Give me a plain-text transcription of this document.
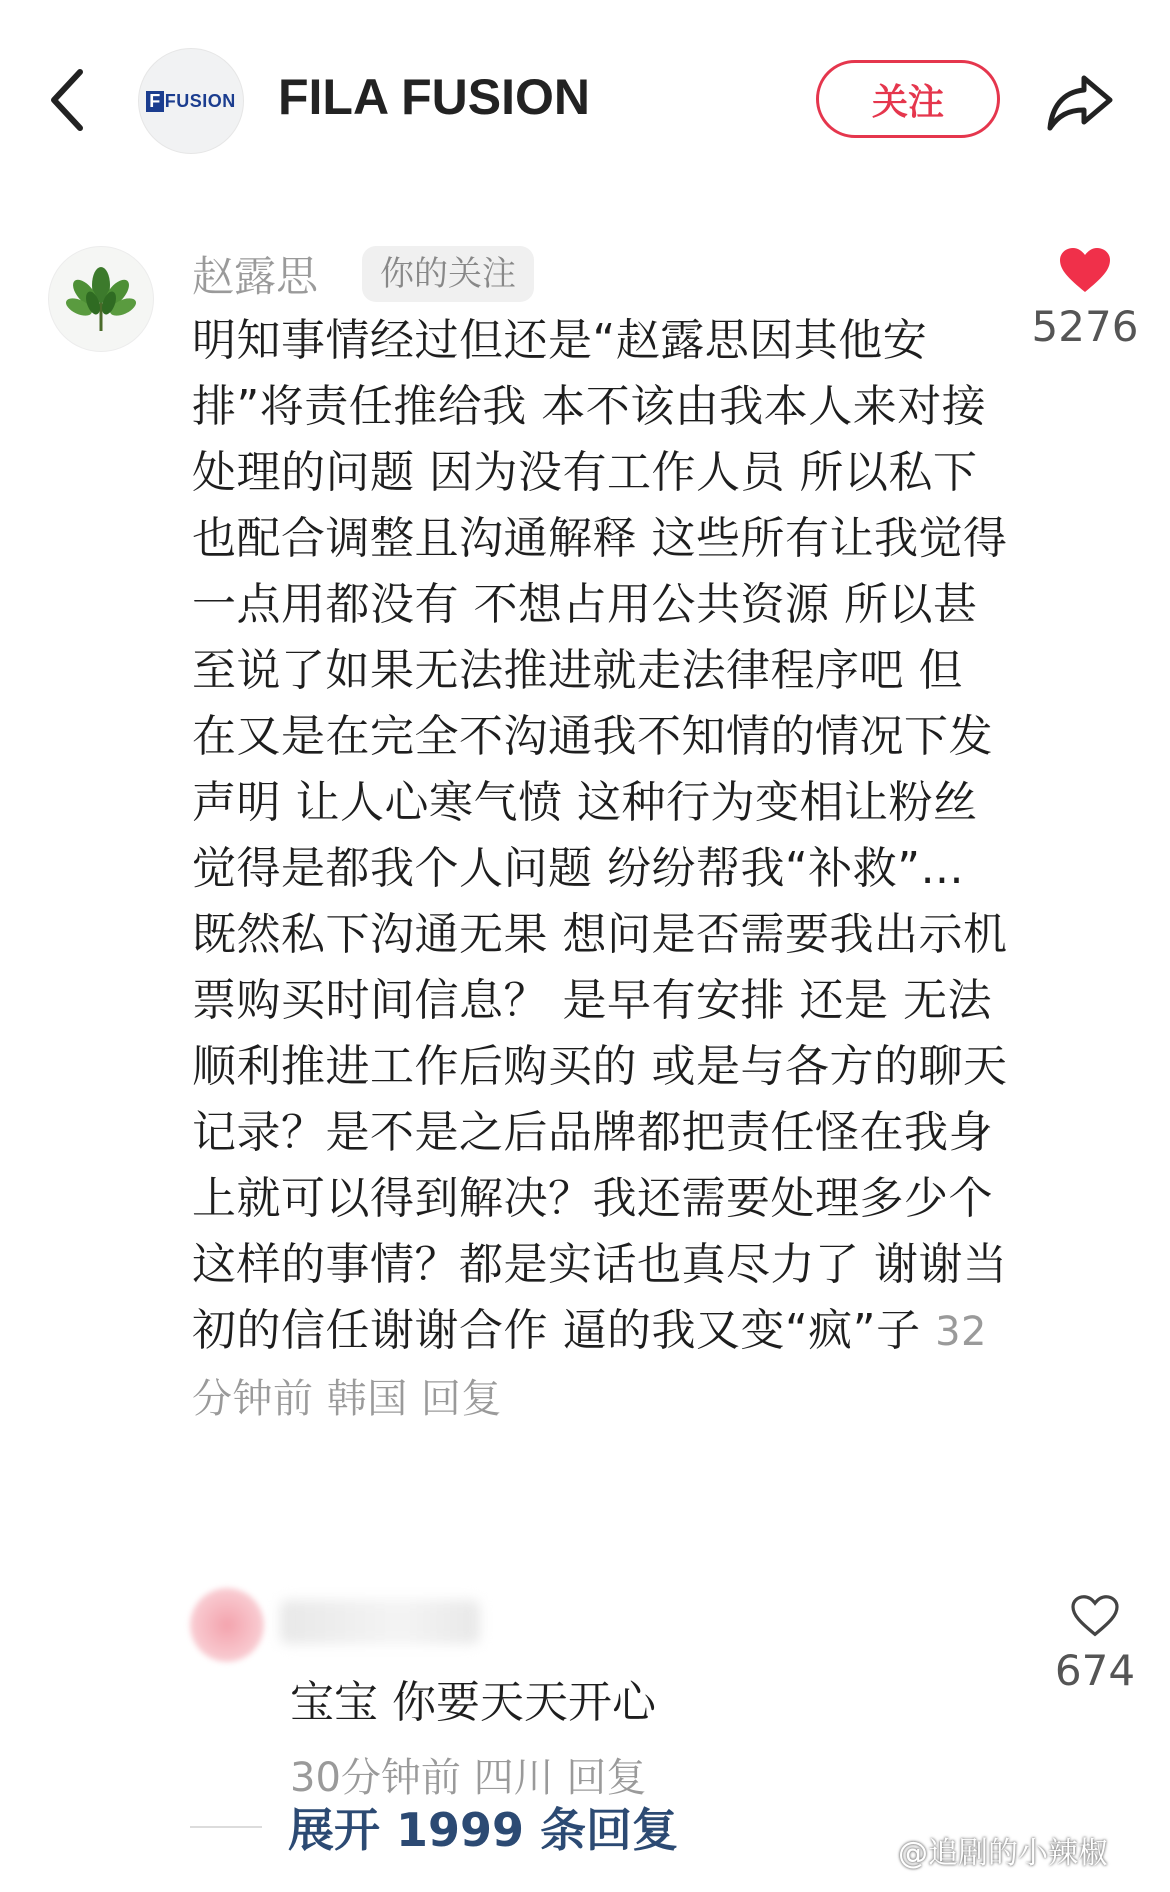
F FUSION FILA FUSION	关注
赵露思	你的关注
明知事情经过但还是“赵露思因其他安排”将责任推给我 本不该由我本人来对接处理的问题 因为没有工作人员 所以私下也配合调整且沟通解释 这些所有让我觉得一点用都没有 不想占用公共资源 所以甚至说了如果无法推进就走法律程序吧 但 在又是在完全不沟通我不知情的情况下发声明 让人心寒气愤 这种行为变相让粉丝觉得是都我个人问题 纷纷帮我“补救”... 既然私下沟通无果 想问是否需要我出示机票购买时间信息？ 是早有安排 还是 无法顺利推进工作后购买的 或是与各方的聊天记录？是不是之后品牌都把责任怪在我身上就可以得到解决？我还需要处理多少个这样的事情？都是实话也真尽力了 谢谢当初的信任谢谢合作 逼的我又变“疯”子 32分钟前 韩国 回复
5276
宝宝 你要天天开心
30分钟前 四川 回复
674
展开 1999 条回复	@追剧的小辣椒
